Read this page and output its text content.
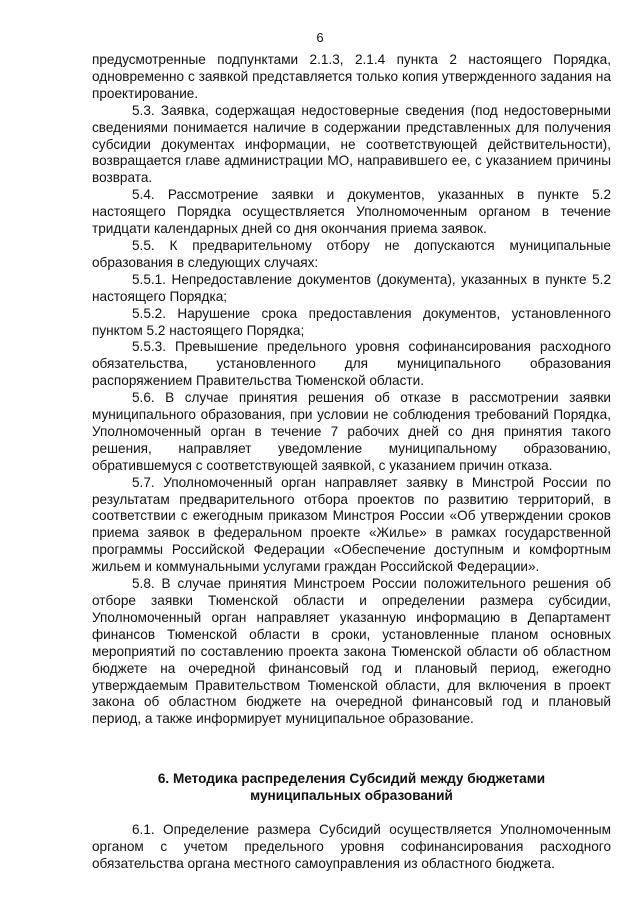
6

предусмотренные подпунктами 2.1.3, 2.1.4 пункта 2 настоящего Порядка, одновременно с заявкой представляется только копия утвержденного задания на проектирование.

5.3. Заявка, содержащая недостоверные сведения (под недостоверными сведениями понимается наличие в содержании представленных для получения субсидии документах информации, не соответствующей действительности), возвращается главе администрации МО, направившего ее, с указанием причины возврата.

5.4. Рассмотрение заявки и документов, указанных в пункте 5.2 настоящего Порядка осуществляется Уполномоченным органом в течение тридцати календарных дней со дня окончания приема заявок.

5.5. К предварительному отбору не допускаются муниципальные образования в следующих случаях:

5.5.1. Непредоставление документов (документа), указанных в пункте 5.2 настоящего Порядка;

5.5.2. Нарушение срока предоставления документов, установленного пунктом 5.2 настоящего Порядка;

5.5.3. Превышение предельного уровня софинансирования расходного обязательства, установленного для муниципального образования распоряжением Правительства Тюменской области.

5.6. В случае принятия решения об отказе в рассмотрении заявки муниципального образования, при условии не соблюдения требований Порядка, Уполномоченный орган в течение 7 рабочих дней со дня принятия такого решения, направляет уведомление муниципальному образованию, обратившемуся с соответствующей заявкой, с указанием причин отказа.

5.7. Уполномоченный орган направляет заявку в Минстрой России по результатам предварительного отбора проектов по развитию территорий, в соответствии с ежегодным приказом Минстроя России «Об утверждении сроков приема заявок в федеральном проекте «Жилье» в рамках государственной программы Российской Федерации «Обеспечение доступным и комфортным жильем и коммунальными услугами граждан Российской Федерации».

5.8. В случае принятия Минстроем России положительного решения об отборе заявки Тюменской области и определении размера субсидии, Уполномоченный орган направляет указанную информацию в Департамент финансов Тюменской области в сроки, установленные планом основных мероприятий по составлению проекта закона Тюменской области об областном бюджете на очередной финансовый год и плановый период, ежегодно утверждаемым Правительством Тюменской области, для включения в проект закона об областном бюджете на очередной финансовый год и плановый период, а также информирует муниципальное образование.

6. Методика распределения Субсидий между бюджетами
муниципальных образований

6.1. Определение размера Субсидий осуществляется Уполномоченным органом с учетом предельного уровня софинансирования расходного обязательства органа местного самоуправления из областного бюджета.
